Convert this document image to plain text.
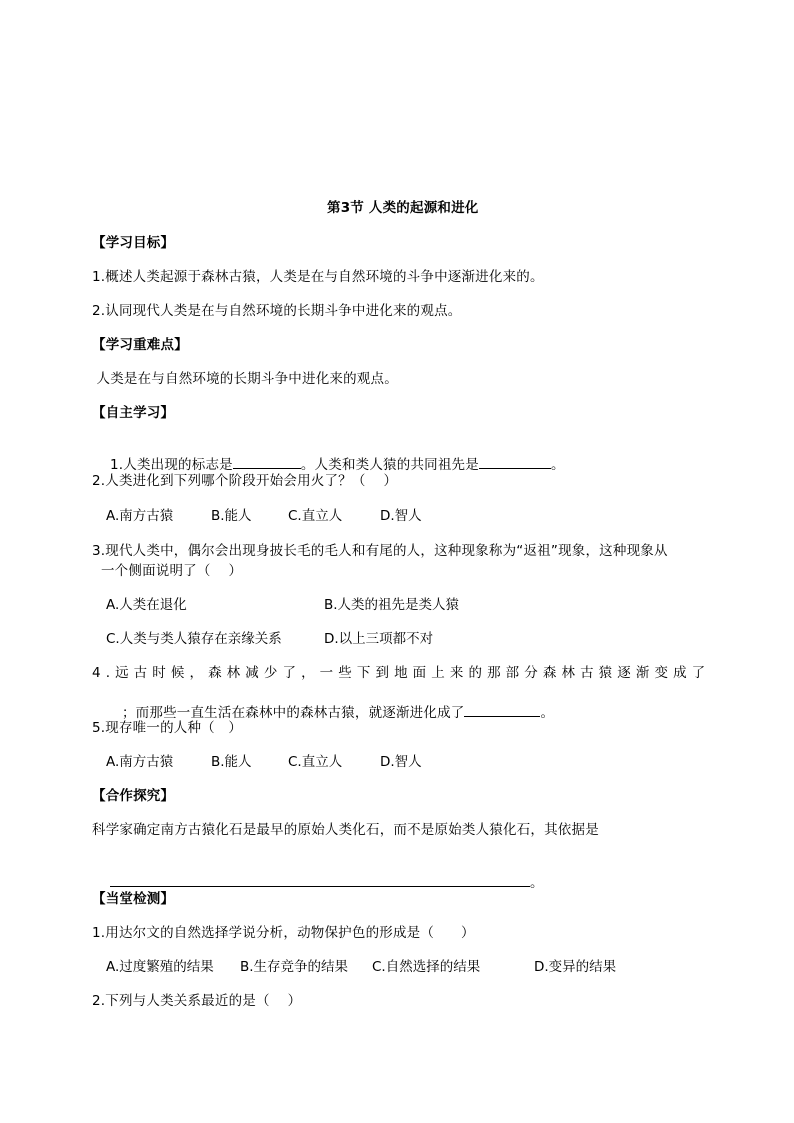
第3节 人类的起源和进化
【学习目标】
1.概述人类起源于森林古猿，人类是在与自然环境的斗争中逐渐进化来的。
2.认同现代人类是在与自然环境的长期斗争中进化来的观点。
【学习重难点】
人类是在与自然环境的长期斗争中进化来的观点。
【自主学习】

1.人类出现的标志是	。人类和类人猿的共同祖先是	。

2.人类进化到下列哪个阶段开始会用火了？（    ）
A.南方古猿	B.能人	C.直立人	D.智人
3.现代人类中，偶尔会出现身披长毛的毛人和有尾的人，这种现象称为“返祖”现象，这种现象从
一个侧面说明了（    ）
A.人类在退化	B.人类的祖先是类人猿
C.人类与类人猿存在亲缘关系	D.以上三项都不对
4.远古时候，森林减少了，一些下到地面上来的那部分森林古猿逐渐变成了

；而那些一直生活在森林中的森林古猿，就逐渐进化成了	。

5.现存唯一的人种（   ）
A.南方古猿	B.能人	C.直立人	D.智人
【合作探究】
科学家确定南方古猿化石是最早的原始人类化石，而不是原始类人猿化石，其依据是

。

【当堂检测】
1.用达尔文的自然选择学说分析，动物保护色的形成是（      ）
A.过度繁殖的结果 B.生存竞争的结果 C.自然选择的结果	D.变异的结果
2.下列与人类关系最近的是（    ）
